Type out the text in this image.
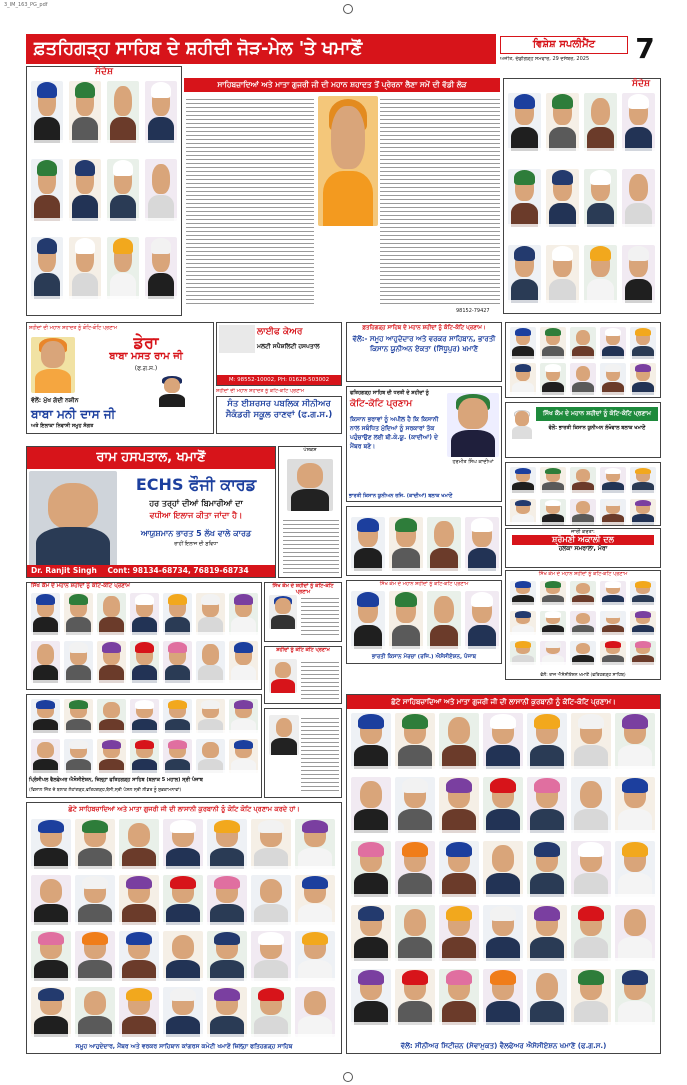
3_IM_163_PG_pdf
ਫ਼ਤਹਿਗੜ੍ਹ ਸਾਹਿਬ ਦੇ ਸ਼ਹੀਦੀ ਜੋੜ-ਮੇਲ 'ਤੇ ਖਮਾਣੋਂ	ਵਿਸ਼ੇਸ਼ ਸਪਲੀਮੈਂਟ
ਅਜੀਤ, ਚੰਡੀਗੜ੍ਹ ਸੋਮਵਾਰ, 29 ਦਸੰਬਰ, 2025	7
ਸੰਦੇਸ਼
ਸਾਹਿਬਜ਼ਾਦਿਆਂ ਅਤੇ ਮਾਤਾ ਗੁਜਰੀ ਜੀ ਦੀ ਮਹਾਨ ਸ਼ਹਾਦਤ ਤੋਂ ਪ੍ਰੇਰਨਾ ਲੈਣਾ ਸਮੇਂ ਦੀ ਵੱਡੀ ਲੋੜ
98152-79427
ਸੰਦੇਸ਼
ਸ਼ਹੀਦਾਂ ਦੀ ਮਹਾਨ ਸ਼ਹਾਦਤ ਨੂੰ ਕੋਟਿ-ਕੋਟਿ ਪ੍ਰਣਾਮ
ਡੇਰਾ
ਬਾਬਾ ਮਸਤ ਰਾਮ ਜੀ
(ਫ.ਗ.ਸ.)
ਵੱਲੋਂ: ਮੁੱਖ ਗੱਦੀ ਨਸ਼ੀਨ
ਬਾਬਾ ਮਨੀ ਦਾਸ ਜੀ
ਅਤੇ ਇਲਾਕਾ ਨਿਵਾਸੀ ਸਮੂਹ ਸੰਗਤ
ਲਾਈਫ ਕੇਅਰ
ਮਲਟੀ ਸਪੈਸ਼ਲਿਟੀ ਹਸਪਤਾਲ
M: 98552-10002, PH: 01628-503002
ਸ਼ਹੀਦਾਂ ਦੀ ਮਹਾਨ ਸ਼ਹਾਦਤ ਨੂੰ ਕੋਟਿ-ਕੋਟਿ ਪ੍ਰਣਾਮ
ਸੰਤ ਈਸ਼ਰਸਰ ਪਬਲਿਕ ਸੀਨੀਅਰ ਸੈਕੰਡਰੀ ਸਕੂਲ ਰਾਣਵਾਂ (ਫ.ਗ.ਸ.)
ਫ਼ਤਹਿਗੜ੍ਹ ਸਾਹਿਬ ਦੇ ਮਹਾਨ ਸ਼ਹੀਦਾਂ ਨੂੰ ਕੋਟਿ-ਕੋਟਿ ਪ੍ਰਣਾਮ।
ਵੱਲੋਂ:- ਸਮੂਹ ਆਹੁਦੇਦਾਰ ਅਤੇ ਵਰਕਰ ਸਾਹਿਬਾਨ, ਭਾਰਤੀ ਕਿਸਾਨ ਯੂਨੀਅਨ ਏਕਤਾ (ਸਿੱਧੂਪੁਰ) ਖਮਾਣੋਂ
ਫਤਿਹਗੜ੍ਹ ਸਾਹਿਬ ਦੀ ਧਰਤੀ ਦੇ ਸ਼ਹੀਦਾਂ ਨੂੰ
ਕੋਟਿ-ਕੋਟਿ ਪ੍ਰਣਾਮ
ਕਿਸਾਨ ਭਰਾਵਾਂ ਨੂੰ ਅਪੀਲ ਹੈ ਕਿ ਕਿਸਾਨੀ ਨਾਲ ਸਬੰਧਿਤ ਮੁੱਦਿਆਂ ਨੂੰ ਸਰਕਾਰਾਂ ਤੱਕ ਪਹੁੰਚਾਉਣ ਲਈ ਬੀ.ਕੇ.ਯੂ. (ਕਾਦੀਆਂ) ਦੇ ਮੈਂਬਰ ਬਣੋ।
ਹਰਮੀਤ ਸਿੰਘ ਕਾਦੀਆਂ
ਭਾਰਤੀ ਕਿਸਾਨ ਯੂਨੀਅਨ ਰਜਿ. (ਕਾਦੀਆਂ) ਬਲਾਕ ਖਮਾਣੋਂ
ਸਿੱਖ ਕੌਮ ਦੇ ਮਹਾਨ ਸ਼ਹੀਦਾਂ ਨੂੰ ਕੋਟਿ-ਕੋਟਿ ਪ੍ਰਣਾਮ
ਵੱਲੋਂ: ਭਾਰਤੀ ਕਿਸਾਨ ਯੂਨੀਅਨ ਲੱਖੋਵਾਲ ਬਲਾਕ ਖਮਾਣੋਂ
ਰਾਮ ਹਸਪਤਾਲ, ਖਮਾਣੋਂ
ECHS ਫੌਜੀ ਕਾਰਡ
ਹਰ ਤਰ੍ਹਾਂ ਦੀਆਂ ਬਿਮਾਰੀਆਂ ਦਾ
ਵਧੀਆ ਇਲਾਜ ਕੀਤਾ ਜਾਂਦਾ ਹੈ।
ਆਯੁਸ਼ਮਾਨ ਭਾਰਤ 5 ਲੱਖ ਵਾਲੇ ਕਾਰਡ
ਰਾਹੀਂ ਇਲਾਜ ਦੀ ਸੁਵਿਧਾ
Dr. Ranjit Singh Cont: 98134-68734, 76819-68734
ਪੇਸ਼ਕਸ਼
ਸਿੱਖ ਕੌਮ ਦੇ ਮਹਾਨ ਸ਼ਹੀਦਾਂ ਨੂੰ ਕੋਟਿ-ਕੋਟਿ ਪ੍ਰਣਾਮ
ਭਾਰਤੀ ਕਿਸਾਨ ਮੋਰਚਾ (ਰਜਿ.) ਐਸੋਸੀਏਸ਼ਨ, ਪੰਜਾਬ
ਜਾਰੀ ਕਰਤਾ:
ਸ਼੍ਰੋਮਣੀ ਅਕਾਲੀ ਦਲ
ਹਲਕਾ ਸਮਰਾਲਾ, ਮੋਰਾ
ਸਿੱਖ ਕੌਮ ਦੇ ਮਹਾਨ ਸ਼ਹੀਦਾਂ ਨੂੰ ਕੋਟਿ-ਕੋਟਿ ਪ੍ਰਣਾਮ
ਵੱਲੋਂ: ਰਾਜ ਐਸੋਸੀਏਸ਼ਨ ਖਮਾਣੋਂ (ਫਤਿਹਗੜ੍ਹ ਸਾਹਿਬ)
ਸਿੱਖ ਕੌਮ ਦੇ ਮਹਾਨ ਸ਼ਹੀਦਾਂ ਨੂੰ ਕੋਟਿ-ਕੋਟਿ ਪ੍ਰਣਾਮ
ਪ੍ਰਿੰਸੀਪਲ ਵੈਲਫੇਅਰ ਐਸੋਸੀਏਸ਼ਨ, ਜ਼ਿਲ੍ਹਾ ਫਤਿਹਗੜ੍ਹ ਸਾਹਿਬ (ਬਲਾਕ 5 ਮਹਾਲ) ਸ੍ਰੀ ਪੰਜਾਬ
(ਵਿਸ਼ਾਲ ਜਿੱਤ ਦੇ ਬਲਾਕ ਲੋਹਾਂਗੜ੍ਹ,ਫਤਿਹਗੜ੍ਹ,ਬੱਸੀ,ਸ੍ਰੀ ਪੋਸ਼ਲ ਸ੍ਰੀ ਲੀਡਰ ਨੂੰ ਸ਼ੁਭਕਾਮਨਾਵਾਂ)
ਸਿੱਖ ਕੌਮ ਦੇ ਸ਼ਹੀਦਾਂ ਨੂੰ ਕੋਟਿ-ਕੋਟਿ ਪ੍ਰਣਾਮ
ਸ਼ਹੀਦਾਂ ਨੂੰ ਕੋਟਿ ਕੋਟਿ ਪ੍ਰਣਾਮ
ਛੋਟੇ ਸਾਹਿਬਜ਼ਾਦਿਆਂ ਅਤੇ ਮਾਤਾ ਗੁਜਰੀ ਜੀ ਦੀ ਲਾਸਾਨੀ ਕੁਰਬਾਨੀ ਨੂੰ ਕੋਟਿ-ਕੋਟਿ ਪ੍ਰਣਾਮ।
ਵੱਲੋਂ: ਸੀਨੀਅਰ ਸਿਟੀਜ਼ਨ (ਸੇਵਾਮੁਕਤ) ਵੈਲਫੇਅਰ ਐਸੋਸੀਏਸ਼ਨ ਖਮਾਣੋਂ (ਫ.ਗ.ਸ.)
ਛੋਟੇ ਸਾਹਿਬਜ਼ਾਦਿਆਂ ਅਤੇ ਮਾਤਾ ਗੁਜਰੀ ਜੀ ਦੀ ਲਾਸਾਨੀ ਕੁਰਬਾਨੀ ਨੂੰ ਕੋਟਿ ਕੋਟਿ ਪ੍ਰਣਾਮ ਕਰਦੇ ਹਾਂ।
ਸਮੂਹ ਆਹੁਦੇਦਾਰ, ਮੈਂਬਰ ਅਤੇ ਵਰਕਰ ਸਾਹਿਬਾਨ ਕਾਂਗਰਸ ਕਮੇਟੀ ਖਮਾਣੋਂ ਜ਼ਿਲ੍ਹਾ ਫਤਿਹਗੜ੍ਹ ਸਾਹਿਬ
